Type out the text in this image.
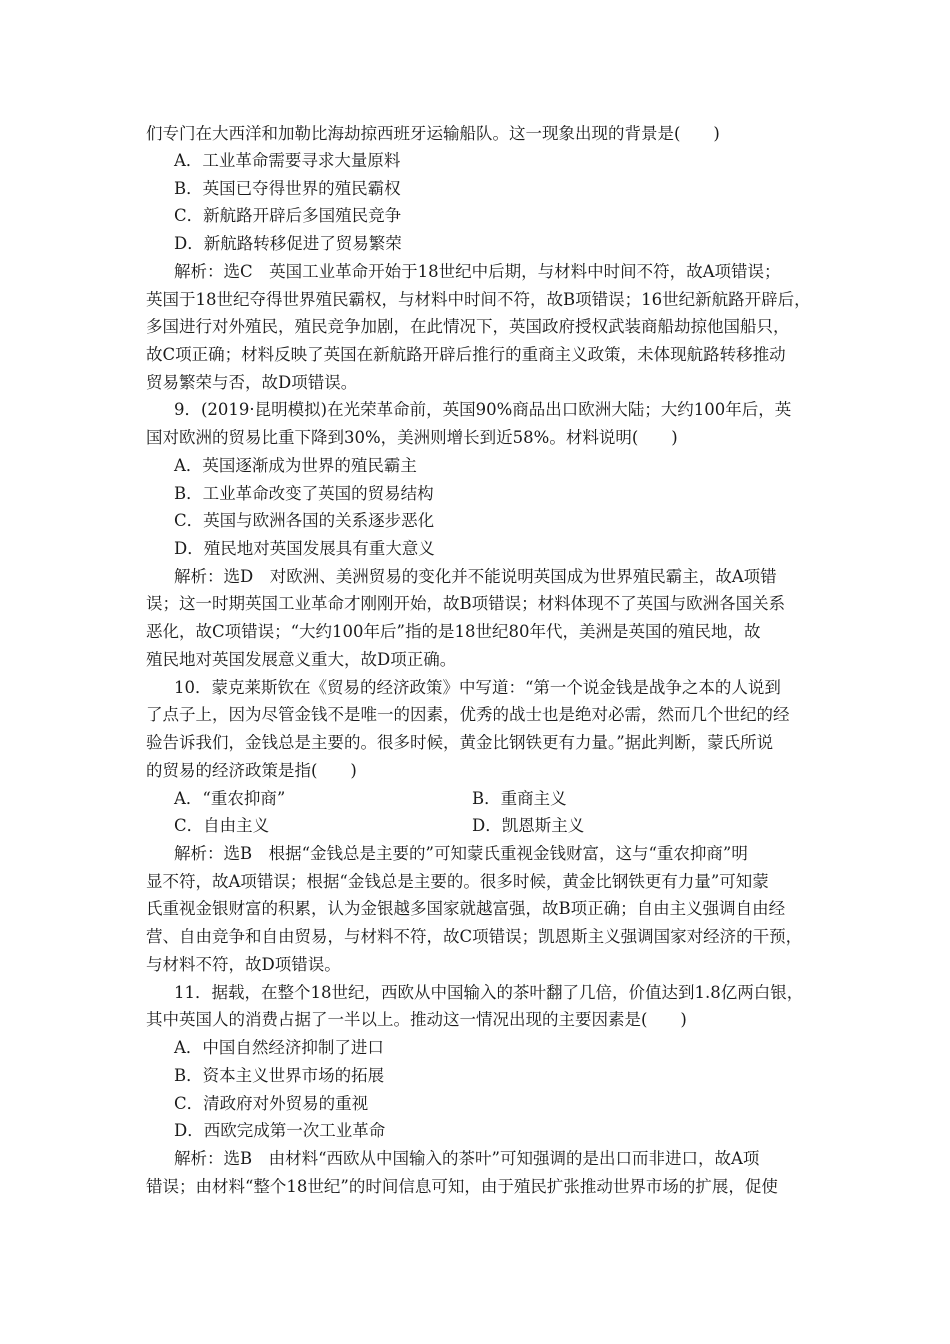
们专门在大西洋和加勒比海劫掠西班牙运输船队。这一现象出现的背景是(　　)
A．工业革命需要寻求大量原料
B．英国已夺得世界的殖民霸权
C．新航路开辟后多国殖民竞争
D．新航路转移促进了贸易繁荣
解析：选C　英国工业革命开始于18世纪中后期，与材料中时间不符，故A项错误；
英国于18世纪夺得世界殖民霸权，与材料中时间不符，故B项错误；16世纪新航路开辟后，
多国进行对外殖民，殖民竞争加剧，在此情况下，英国政府授权武装商船劫掠他国船只，
故C项正确；材料反映了英国在新航路开辟后推行的重商主义政策，未体现航路转移推动
贸易繁荣与否，故D项错误。
9．(2019·昆明模拟)在光荣革命前，英国90%商品出口欧洲大陆；大约100年后，英
国对欧洲的贸易比重下降到30%，美洲则增长到近58%。材料说明(　　)
A．英国逐渐成为世界的殖民霸主
B．工业革命改变了英国的贸易结构
C．英国与欧洲各国的关系逐步恶化
D．殖民地对英国发展具有重大意义
解析：选D　对欧洲、美洲贸易的变化并不能说明英国成为世界殖民霸主，故A项错
误；这一时期英国工业革命才刚刚开始，故B项错误；材料体现不了英国与欧洲各国关系
恶化，故C项错误；“大约100年后”指的是18世纪80年代，美洲是英国的殖民地，故
殖民地对英国发展意义重大，故D项正确。
10．蒙克莱斯钦在《贸易的经济政策》中写道：“第一个说金钱是战争之本的人说到
了点子上，因为尽管金钱不是唯一的因素，优秀的战士也是绝对必需，然而几个世纪的经
验告诉我们，金钱总是主要的。很多时候，黄金比钢铁更有力量。”据此判断，蒙氏所说
的贸易的经济政策是指(　　)
A．“重农抑商”	B．重商主义
C．自由主义	D．凯恩斯主义
解析：选B　根据“金钱总是主要的”可知蒙氏重视金钱财富，这与“重农抑商”明
显不符，故A项错误；根据“金钱总是主要的。很多时候，黄金比钢铁更有力量”可知蒙
氏重视金银财富的积累，认为金银越多国家就越富强，故B项正确；自由主义强调自由经
营、自由竞争和自由贸易，与材料不符，故C项错误；凯恩斯主义强调国家对经济的干预，
与材料不符，故D项错误。
11．据载，在整个18世纪，西欧从中国输入的茶叶翻了几倍，价值达到1.8亿两白银，
其中英国人的消费占据了一半以上。推动这一情况出现的主要因素是(　　)
A．中国自然经济抑制了进口
B．资本主义世界市场的拓展
C．清政府对外贸易的重视
D．西欧完成第一次工业革命
解析：选B　由材料“西欧从中国输入的茶叶”可知强调的是出口而非进口，故A项
错误；由材料“整个18世纪”的时间信息可知，由于殖民扩张推动世界市场的扩展，促使
